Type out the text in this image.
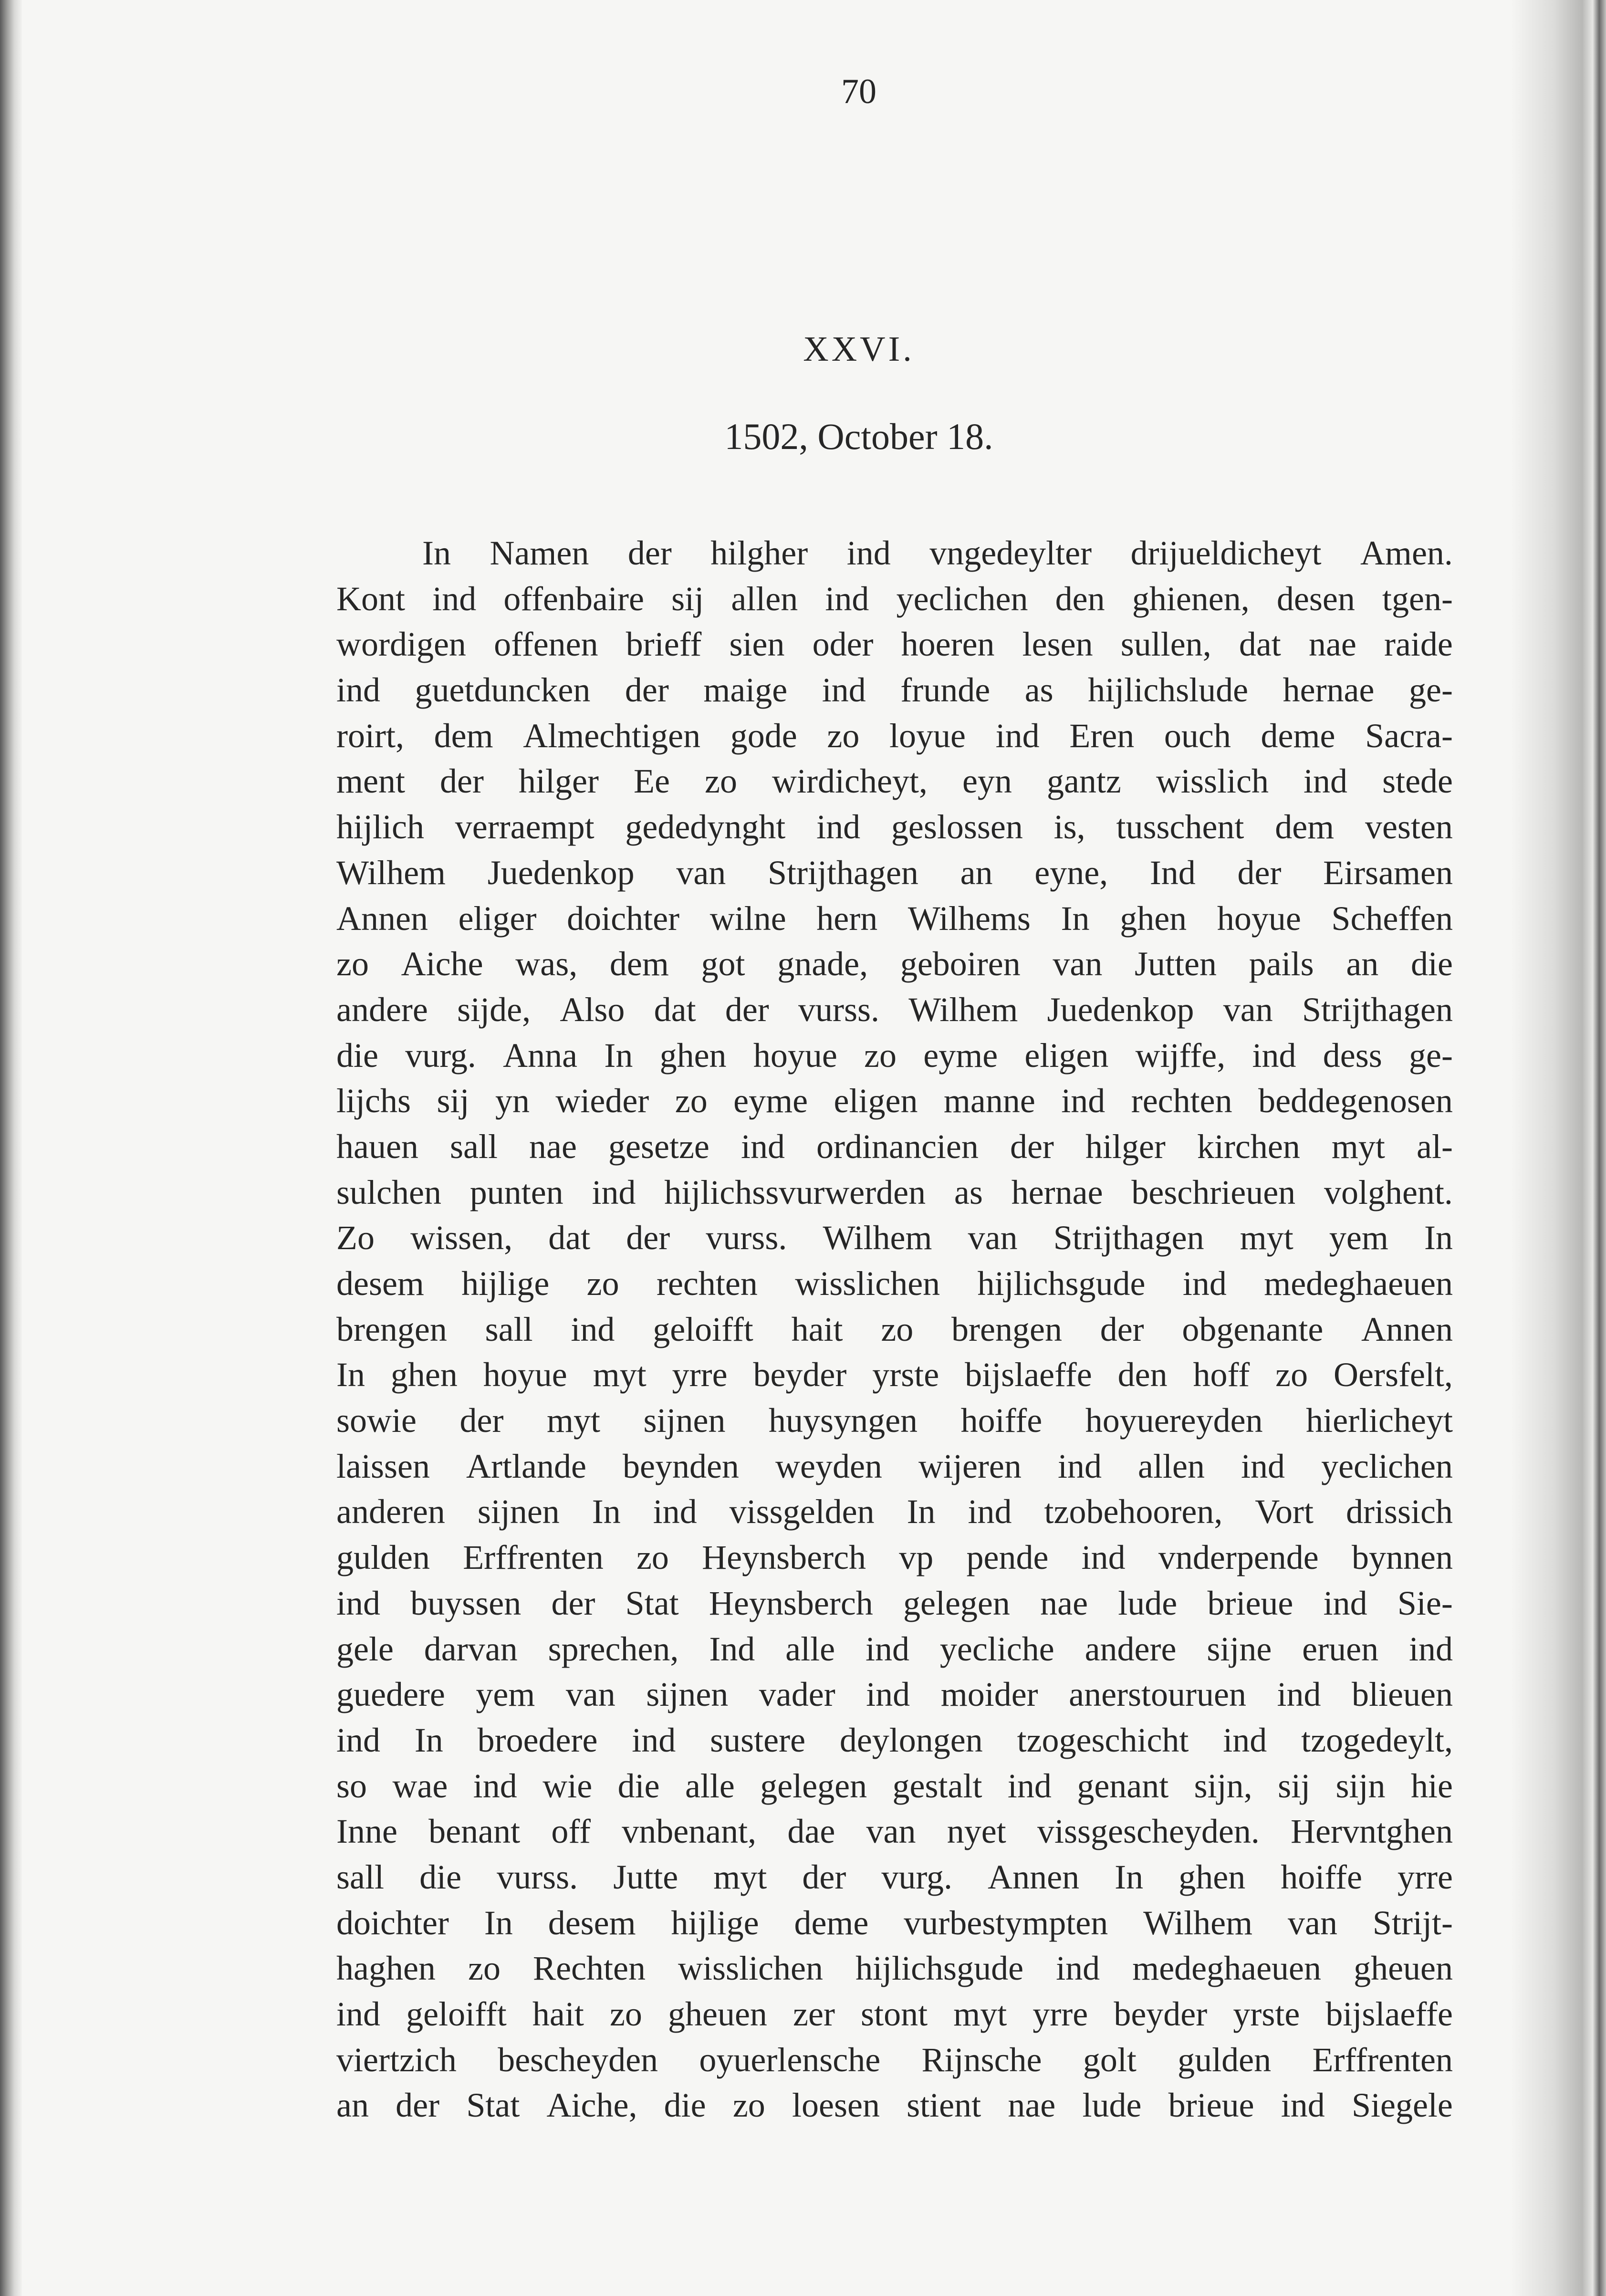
70
XXVI.
1502, October 18.
In Namen der hilgher ind vngedeylter drijueldicheyt Amen.
Kont ind offenbaire sij allen ind yeclichen den ghienen, desen tgen-
wordigen offenen brieff sien oder hoeren lesen sullen, dat nae raide
ind guetduncken der maige ind frunde as hijlichslude hernae ge-
roirt, dem Almechtigen gode zo loyue ind Eren ouch deme Sacra-
ment der hilger Ee zo wirdicheyt, eyn gantz wisslich ind stede
hijlich verraempt gededynght ind geslossen is, tusschent dem vesten
Wilhem Juedenkop van Strijthagen an eyne, Ind der Eirsamen
Annen eliger doichter wilne hern Wilhems In ghen hoyue Scheffen
zo Aiche was, dem got gnade, geboiren van Jutten pails an die
andere sijde, Also dat der vurss. Wilhem Juedenkop van Strijthagen
die vurg. Anna In ghen hoyue zo eyme eligen wijffe, ind dess ge-
lijchs sij yn wieder zo eyme eligen manne ind rechten beddegenosen
hauen sall nae gesetze ind ordinancien der hilger kirchen myt al-
sulchen punten ind hijlichssvurwerden as hernae beschrieuen volghent.
Zo wissen, dat der vurss. Wilhem van Strijthagen myt yem In
desem hijlige zo rechten wisslichen hijlichsgude ind medeghaeuen
brengen sall ind geloifft hait zo brengen der obgenante Annen
In ghen hoyue myt yrre beyder yrste bijslaeffe den hoff zo Oersfelt,
sowie der myt sijnen huysyngen hoiffe hoyuereyden hierlicheyt
laissen Artlande beynden weyden wijeren ind allen ind yeclichen
anderen sijnen In ind vissgelden In ind tzobehooren, Vort drissich
gulden Erffrenten zo Heynsberch vp pende ind vnderpende bynnen
ind buyssen der Stat Heynsberch gelegen nae lude brieue ind Sie-
gele darvan sprechen, Ind alle ind yecliche andere sijne eruen ind
guedere yem van sijnen vader ind moider anerstouruen ind blieuen
ind In broedere ind sustere deylongen tzogeschicht ind tzogedeylt,
so wae ind wie die alle gelegen gestalt ind genant sijn, sij sijn hie
Inne benant off vnbenant, dae van nyet vissgescheyden. Hervntghen
sall die vurss. Jutte myt der vurg. Annen In ghen hoiffe yrre
doichter In desem hijlige deme vurbestympten Wilhem van Strijt-
haghen zo Rechten wisslichen hijlichsgude ind medeghaeuen gheuen
ind geloifft hait zo gheuen zer stont myt yrre beyder yrste bijslaeffe
viertzich bescheyden oyuerlensche Rijnsche golt gulden Erffrenten
an der Stat Aiche, die zo loesen stient nae lude brieue ind Siegele
